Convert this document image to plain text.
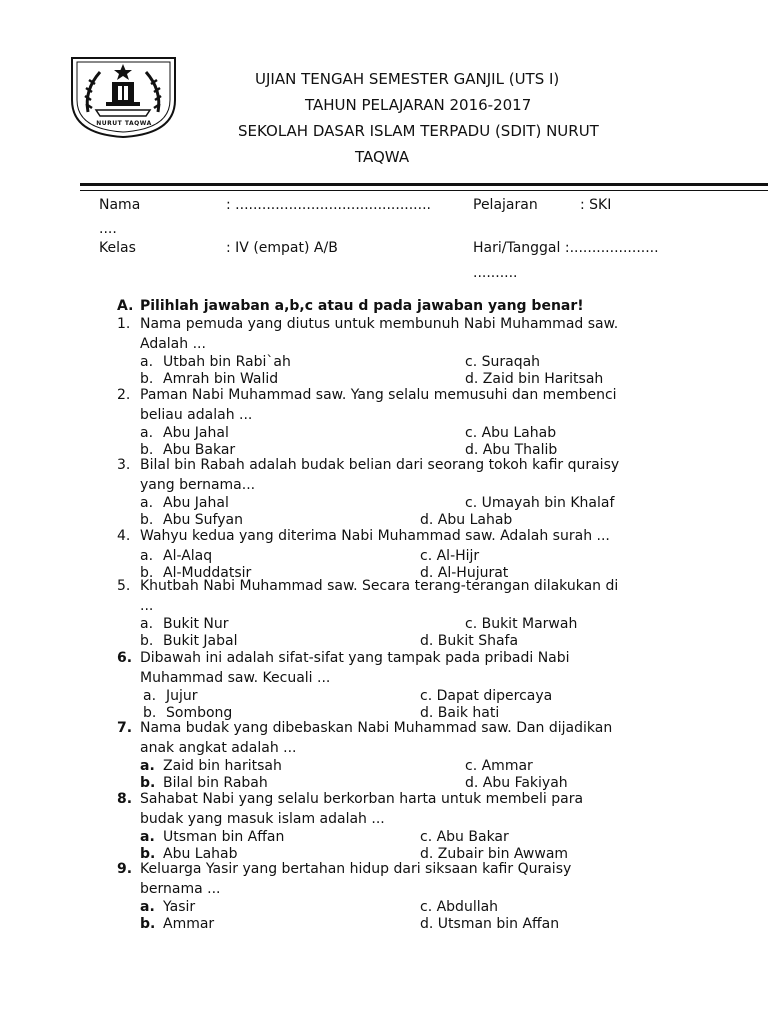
NURUT TAQWA
UJIAN TENGAH SEMESTER GANJIL (UTS I)
TAHUN PELAJARAN 2016-2017
SEKOLAH DASAR ISLAM TERPADU (SDIT) NURUT
TAQWA
Nama	: ............................................	Pelajaran	: SKI
....
Kelas	: IV (empat) A/B	Hari/Tanggal :....................
..........
A. Pilihlah jawaban a,b,c atau d pada jawaban yang benar!
1. Nama pemuda yang diutus untuk membunuh Nabi Muhammad saw.
Adalah ...
a. Utbah bin Rabi`ah	c. Suraqah
b. Amrah bin Walid	d. Zaid bin Haritsah
2. Paman Nabi Muhammad saw. Yang selalu memusuhi dan membenci
beliau adalah ...
a. Abu Jahal	c. Abu Lahab
b. Abu Bakar	d. Abu Thalib
3. Bilal bin Rabah adalah budak belian dari seorang tokoh kafir quraisy
yang bernama...
a. Abu Jahal	c. Umayah bin Khalaf
b. Abu Sufyan	d. Abu Lahab
4. Wahyu kedua yang diterima Nabi Muhammad saw. Adalah surah ...
a. Al-Alaq	c. Al-Hijr
b. Al-Muddatsir	d. Al-Hujurat
5. Khutbah Nabi Muhammad saw. Secara terang-terangan dilakukan di
...
a. Bukit Nur	c. Bukit Marwah
b. Bukit Jabal	d. Bukit Shafa
6. Dibawah ini adalah sifat-sifat yang tampak pada pribadi Nabi
Muhammad saw. Kecuali ...
a. Jujur	c. Dapat dipercaya
b. Sombong	d. Baik hati
7. Nama budak yang dibebaskan Nabi Muhammad saw. Dan dijadikan
anak angkat adalah ...
a. Zaid bin haritsah	c. Ammar
b. Bilal bin Rabah	d. Abu Fakiyah
8. Sahabat Nabi yang selalu berkorban harta untuk membeli para
budak yang masuk islam adalah ...
a. Utsman bin Affan	c. Abu Bakar
b. Abu Lahab	d. Zubair bin Awwam
9. Keluarga Yasir yang bertahan hidup dari siksaan kafir Quraisy
bernama ...
a. Yasir	c. Abdullah
b. Ammar	d. Utsman bin Affan
